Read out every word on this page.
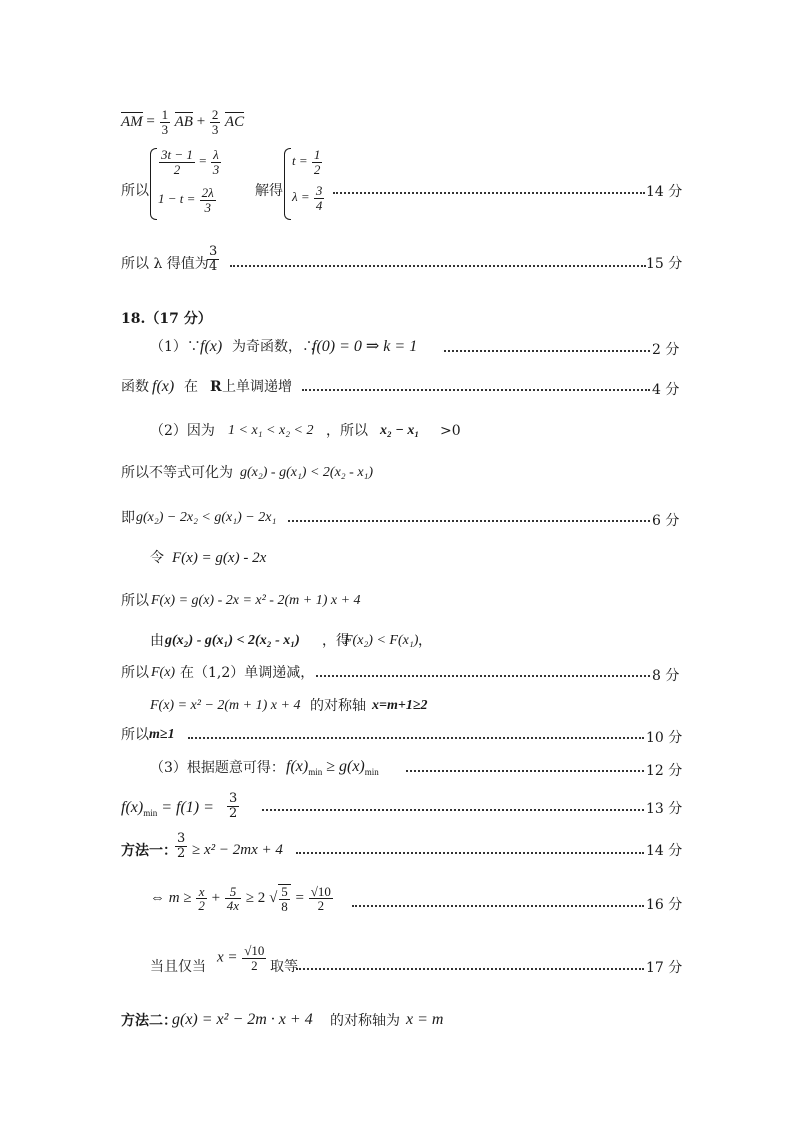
AM = $\frac{1}{3}$ AB + $\frac{2}{3}$ AC
所以
$\frac{3t - 1}{2} = \frac{\lambda}{3}$
$1 - t = \frac{2\lambda}{3}$	解得
$t = \frac{1}{2}$
$\lambda = \frac{3}{4}$	14 分
所以 λ 得值为
$\frac{3}{4}$	15 分
18.（17 分）
（1）∵ f(x) 为奇函数，∴
f(0) = 0 ⇒ k = 1	2 分
函数 f(x) 在 R 上单调递增	4 分
（2）因为 1 < x₁ < x₂ < 2 ，所以 x₂ − x₁ >0
所以不等式可化为 g(x₂) - g(x₁) < 2(x₂ - x₁)
即 g(x₂) − 2x₂ < g(x₁) − 2x₁	6 分
令 F(x) = g(x) - 2x
所以 F(x) = g(x) - 2x = x² - 2(m + 1) x + 4
由 g(x₂) - g(x₁) < 2(x₂ - x₁) ，得
F(x₂) < F(x₁) ，
所以 F(x) 在（1,2）单调递减，	8 分
F(x) = x² − 2(m + 1) x + 4 的对称轴 x=m+1≥2
所以 m≥1	10 分
（3）根据题意可得： $f(x)_{min} \ge g(x)_{min}$	12 分
$f(x)_{min} = f(1) = \frac{3}{2}$	13 分
方法一：
$\frac{3}{2} \ge x^2 - 2mx + 4$	14 分
⇔ $m \ge \frac{x}{2} + \frac{5}{4x} \ge 2$ √ $\frac{5}{8} = \frac{√10}{2}$	16 分
当且仅当
$x = \frac{√10}{2}$ 取等	17 分
方法二：
g(x) = x² − 2m · x + 4 的对称轴为 x = m
